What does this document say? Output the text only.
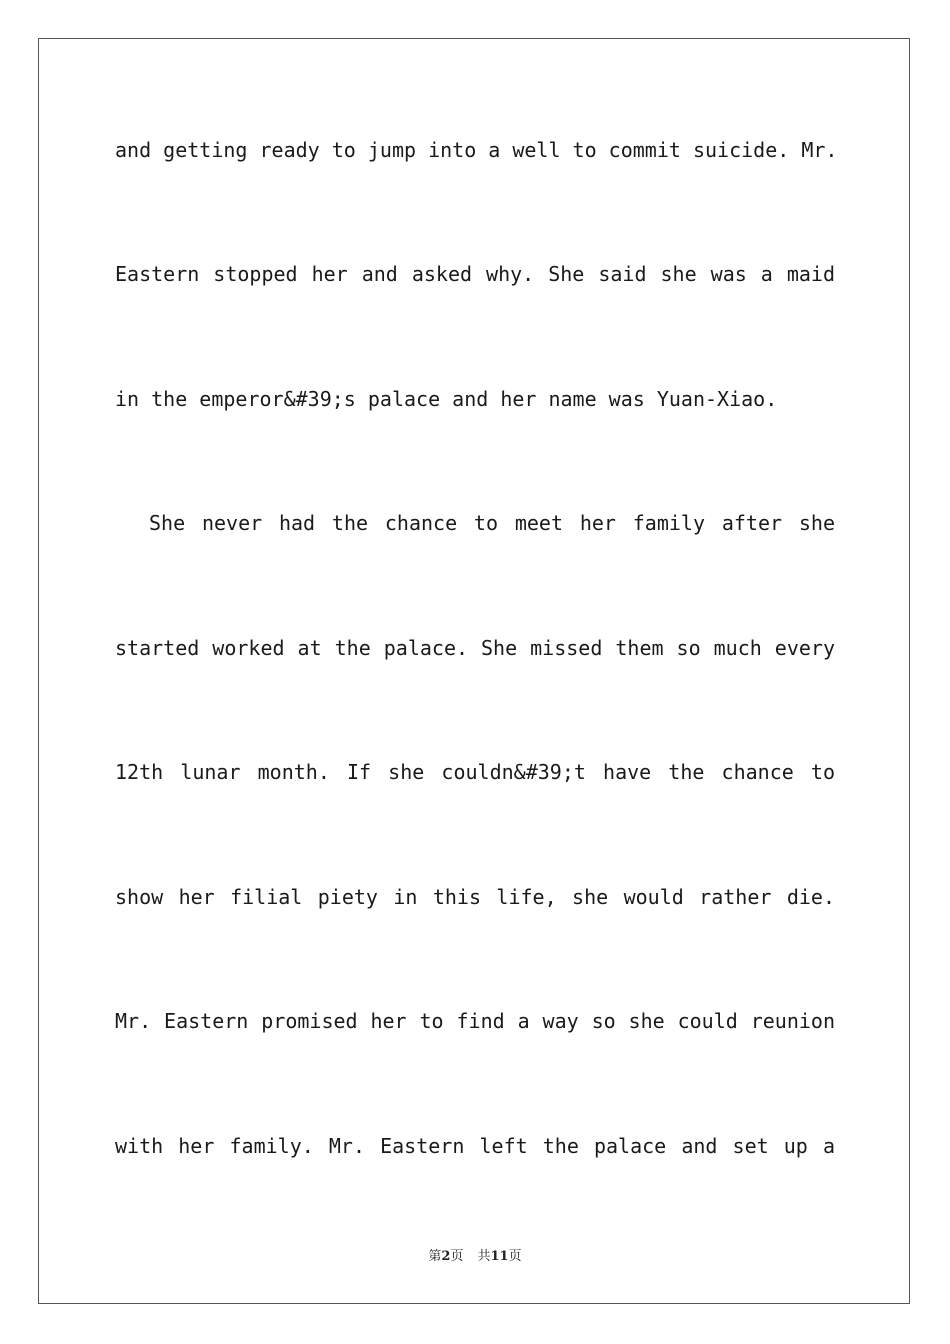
and getting ready to jump into a well to commit suicide. Mr.
Eastern stopped her and asked why. She said she was a maid
in the emperor&#39;s palace and her name was Yuan-Xiao.
She never had the chance to meet her family after she
started worked at the palace. She missed them so much every
12th lunar month. If she couldn&#39;t have the chance to
show her filial piety in this life, she would rather die.
Mr. Eastern promised her to find a way so she could reunion
with her family. Mr. Eastern left the palace and set up a
第2页 共11页
